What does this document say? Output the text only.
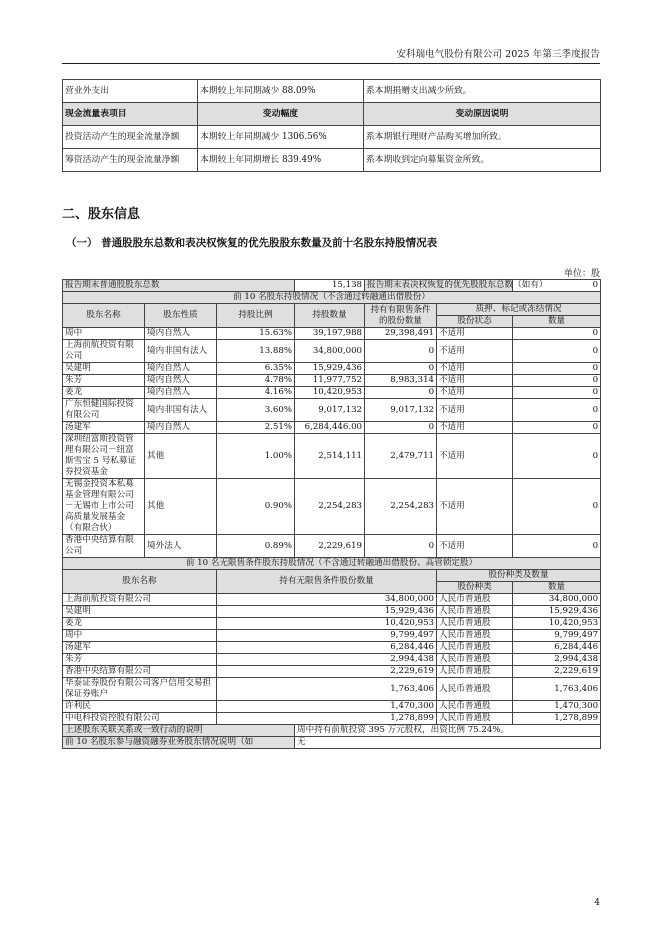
安科瑞电气股份有限公司 2025 年第三季度报告
营业外支出	本期较上年同期减少 88.09%	系本期捐赠支出减少所致。
现金流量表项目	变动幅度	变动原因说明
投资活动产生的现金流量净额	本期较上年同期减少 1306.56%	系本期银行理财产品购买增加所致。
筹资活动产生的现金流量净额	本期较上年同期增长 839.49%	系本期收到定向募集资金所致。
二、股东信息
（一） 普通股股东总数和表决权恢复的优先股股东数量及前十名股东持股情况表
单位：股
报告期末普通股股东总数			15,138	报告期末表决权恢复的优先股股东总数（如有）		0
前 10 名股东持股情况（不含通过转融通出借股份）						
股东名称	股东性质	持股比例	持股数量	持有有限售条件的股份数量	质押、标记或冻结情况	
					股份状态	数量
周中	境内自然人	15.63%	39,197,988	29,398,491	不适用	0
上海前航投资有限公司	境内非国有法人	13.88%	34,800,000	0	不适用	0
吴建明	境内自然人	6.35%	15,929,436	0	不适用	0
朱芳	境内自然人	4.78%	11,977,752	8,983,314	不适用	0
姜龙	境内自然人	4.16%	10,420,953	0	不适用	0
广东恒健国际投资有限公司	境内非国有法人	3.60%	9,017,132	9,017,132	不适用	0
汤建军	境内自然人	2.51%	6,284,446.00	0	不适用	0
深圳纽富斯投资管理有限公司－纽富斯雪宝 5 号私募证券投资基金	其他	1.00%	2,514,111	2,479,711	不适用	0
无锡金投资本私募基金管理有限公司－无锡市上市公司高质量发展基金（有限合伙）	其他	0.90%	2,254,283	2,254,283	不适用	0
香港中央结算有限公司	境外法人	0.89%	2,229,619	0	不适用	0
前 10 名无限售条件股东持股情况（不含通过转融通出借股份、高管锁定股）						
股东名称		持有无限售条件股份数量			股份种类及数量	
					股份种类	数量
上海前航投资有限公司		34,800,000			人民币普通股	34,800,000
吴建明		15,929,436			人民币普通股	15,929,436
姜龙		10,420,953			人民币普通股	10,420,953
周中		9,799,497			人民币普通股	9,799,497
汤建军		6,284,446			人民币普通股	6,284,446
朱芳		2,994,438			人民币普通股	2,994,438
香港中央结算有限公司		2,229,619			人民币普通股	2,229,619
华泰证券股份有限公司客户信用交易担保证券账户		1,763,406			人民币普通股	1,763,406
许利民		1,470,300			人民币普通股	1,470,300
中电科投资控股有限公司		1,278,899			人民币普通股	1,278,899
上述股东关联关系或一致行动的说明			周中持有前航投资 395 万元股权，出资比例 75.24%。			
前 10 名股东参与融资融券业务股东情况说明（如			无			
4
